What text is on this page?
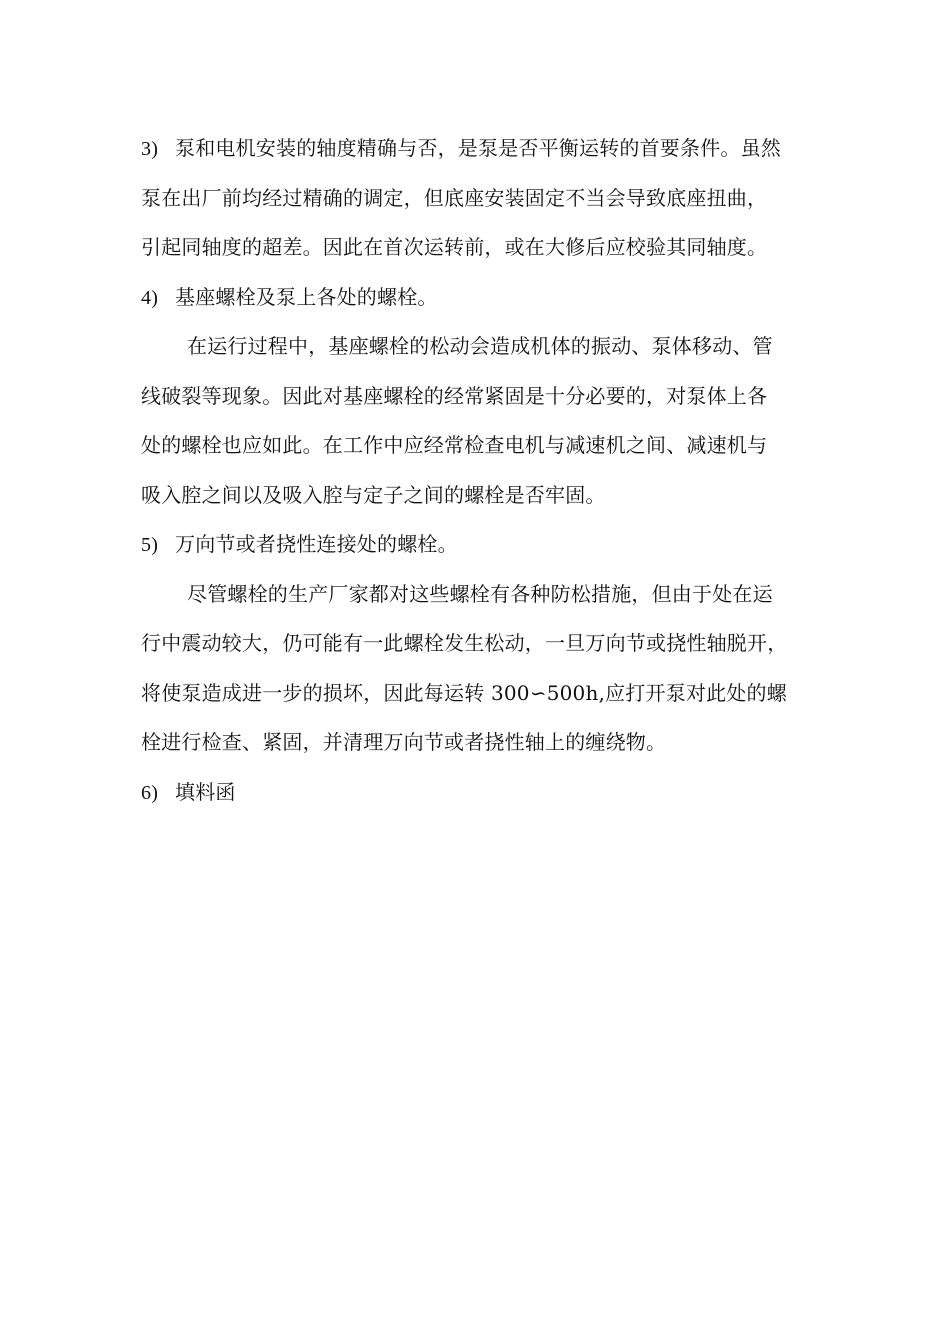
3) 泵和电机安装的轴度精确与否，是泵是否平衡运转的首要条件。虽然
泵在出厂前均经过精确的调定，但底座安装固定不当会导致底座扭曲，
引起同轴度的超差。因此在首次运转前，或在大修后应校验其同轴度。
4) 基座螺栓及泵上各处的螺栓。
在运行过程中，基座螺栓的松动会造成机体的振动、泵体移动、管
线破裂等现象。因此对基座螺栓的经常紧固是十分必要的，对泵体上各
处的螺栓也应如此。在工作中应经常检查电机与减速机之间、减速机与
吸入腔之间以及吸入腔与定子之间的螺栓是否牢固。
5) 万向节或者挠性连接处的螺栓。
尽管螺栓的生产厂家都对这些螺栓有各种防松措施，但由于处在运
行中震动较大，仍可能有一此螺栓发生松动，一旦万向节或挠性轴脱开，
将使泵造成进一步的损坏，因此每运转 300∽500h,应打开泵对此处的螺
栓进行检查、紧固，并清理万向节或者挠性轴上的缠绕物。
6) 填料函
